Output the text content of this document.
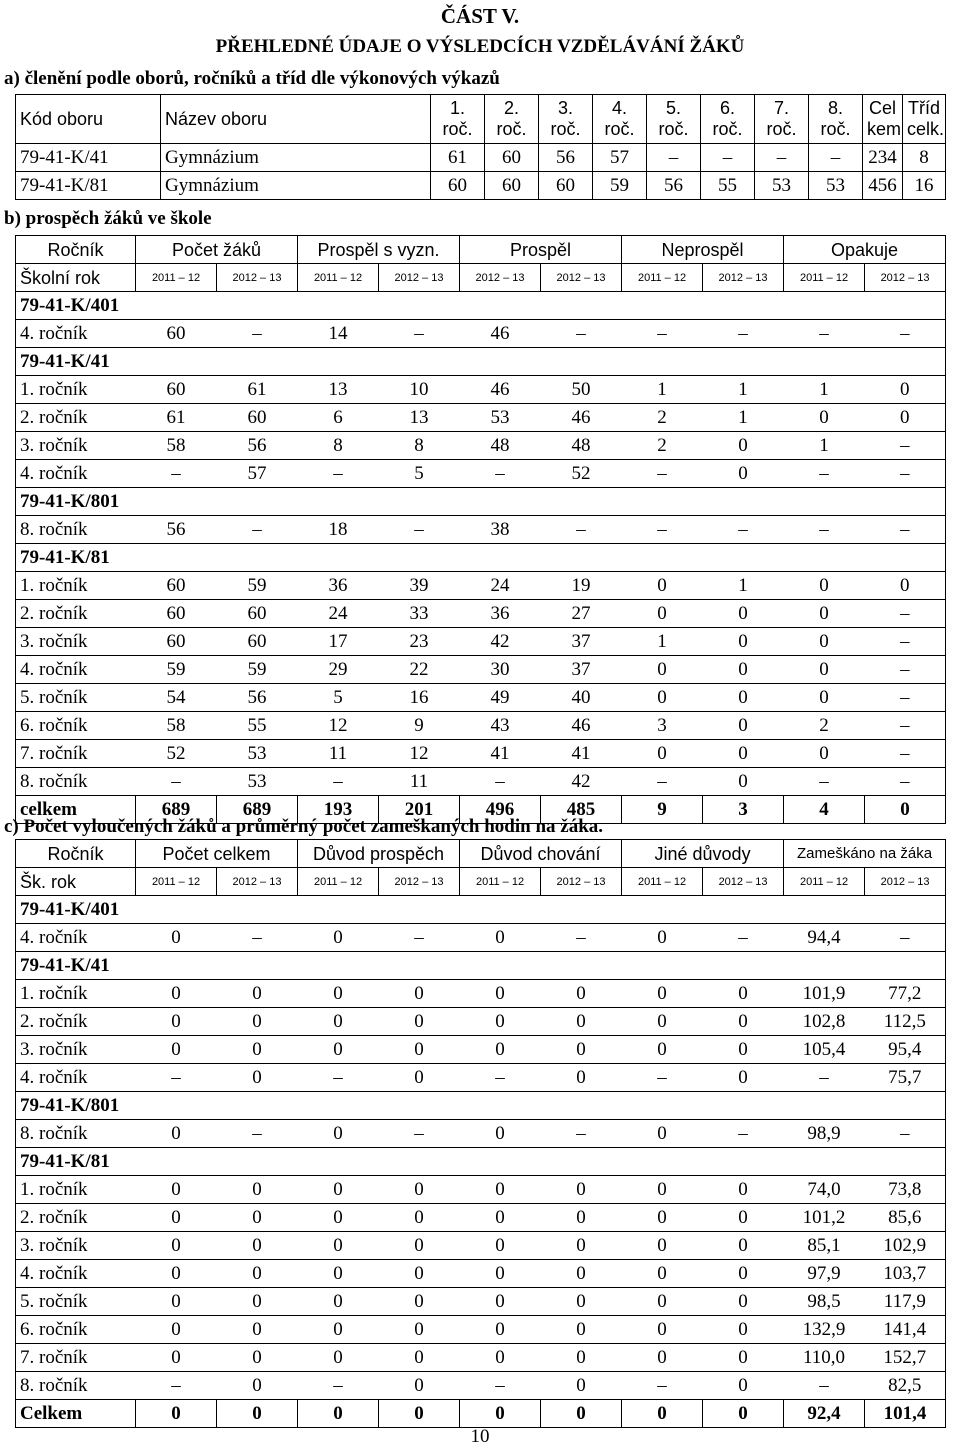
ČÁST V.
PŘEHLEDNÉ ÚDAJE O VÝSLEDCÍCH VZDĚLÁVÁNÍ ŽÁKŮ
a) členění podle oborů, ročníků a tříd dle výkonových výkazů
Kód oboru	Název oboru	1. roč.	2. roč.	3. roč.	4. roč.	5. roč.	6. roč.	7. roč.	8. roč.	Cel kem	Tříd celk.
79-41-K/41	Gymnázium	61	60	56	57	–	–	–	–	234	8
79-41-K/81	Gymnázium	60	60	60	59	56	55	53	53	456	16
b) prospěch žáků ve škole
Ročník	Počet žáků		Prospěl s vyzn.		Prospěl		Neprospěl		Opakuje	
Školní rok	2011 – 12	2012 – 13	2011 – 12	2012 – 13	2012 – 13	2012 – 13	2011 – 12	2012 – 13	2011 – 12	2012 – 13
79-41-K/401										
4. ročník	60	–	14	–	46	–	–	–	–	–
79-41-K/41										
1. ročník	60	61	13	10	46	50	1	1	1	0
2. ročník	61	60	6	13	53	46	2	1	0	0
3. ročník	58	56	8	8	48	48	2	0	1	–
4. ročník	–	57	–	5	–	52	–	0	–	–
79-41-K/801										
8. ročník	56	–	18	–	38	–	–	–	–	–
79-41-K/81										
1. ročník	60	59	36	39	24	19	0	1	0	0
2. ročník	60	60	24	33	36	27	0	0	0	–
3. ročník	60	60	17	23	42	37	1	0	0	–
4. ročník	59	59	29	22	30	37	0	0	0	–
5. ročník	54	56	5	16	49	40	0	0	0	–
6. ročník	58	55	12	9	43	46	3	0	2	–
7. ročník	52	53	11	12	41	41	0	0	0	–
8. ročník	–	53	–	11	–	42	–	0	–	–
celkem	689	689	193	201	496	485	9	3	4	0
c) Počet vyloučených žáků a průměrný počet zameškaných hodin na žáka.
Ročník	Počet celkem		Důvod prospěch		Důvod chování		Jiné důvody		Zameškáno na žáka	
Šk. rok	2011 – 12	2012 – 13	2011 – 12	2012 – 13	2011 – 12	2012 – 13	2011 – 12	2012 – 13	2011 – 12	2012 – 13
79-41-K/401										
4. ročník	0	–	0	–	0	–	0	–	94,4	–
79-41-K/41										
1. ročník	0	0	0	0	0	0	0	0	101,9	77,2
2. ročník	0	0	0	0	0	0	0	0	102,8	112,5
3. ročník	0	0	0	0	0	0	0	0	105,4	95,4
4. ročník	–	0	–	0	–	0	–	0	–	75,7
79-41-K/801										
8. ročník	0	–	0	–	0	–	0	–	98,9	–
79-41-K/81										
1. ročník	0	0	0	0	0	0	0	0	74,0	73,8
2. ročník	0	0	0	0	0	0	0	0	101,2	85,6
3. ročník	0	0	0	0	0	0	0	0	85,1	102,9
4. ročník	0	0	0	0	0	0	0	0	97,9	103,7
5. ročník	0	0	0	0	0	0	0	0	98,5	117,9
6. ročník	0	0	0	0	0	0	0	0	132,9	141,4
7. ročník	0	0	0	0	0	0	0	0	110,0	152,7
8. ročník	–	0	–	0	–	0	–	0	–	82,5
Celkem	0	0	0	0	0	0	0	0	92,4	101,4
10
